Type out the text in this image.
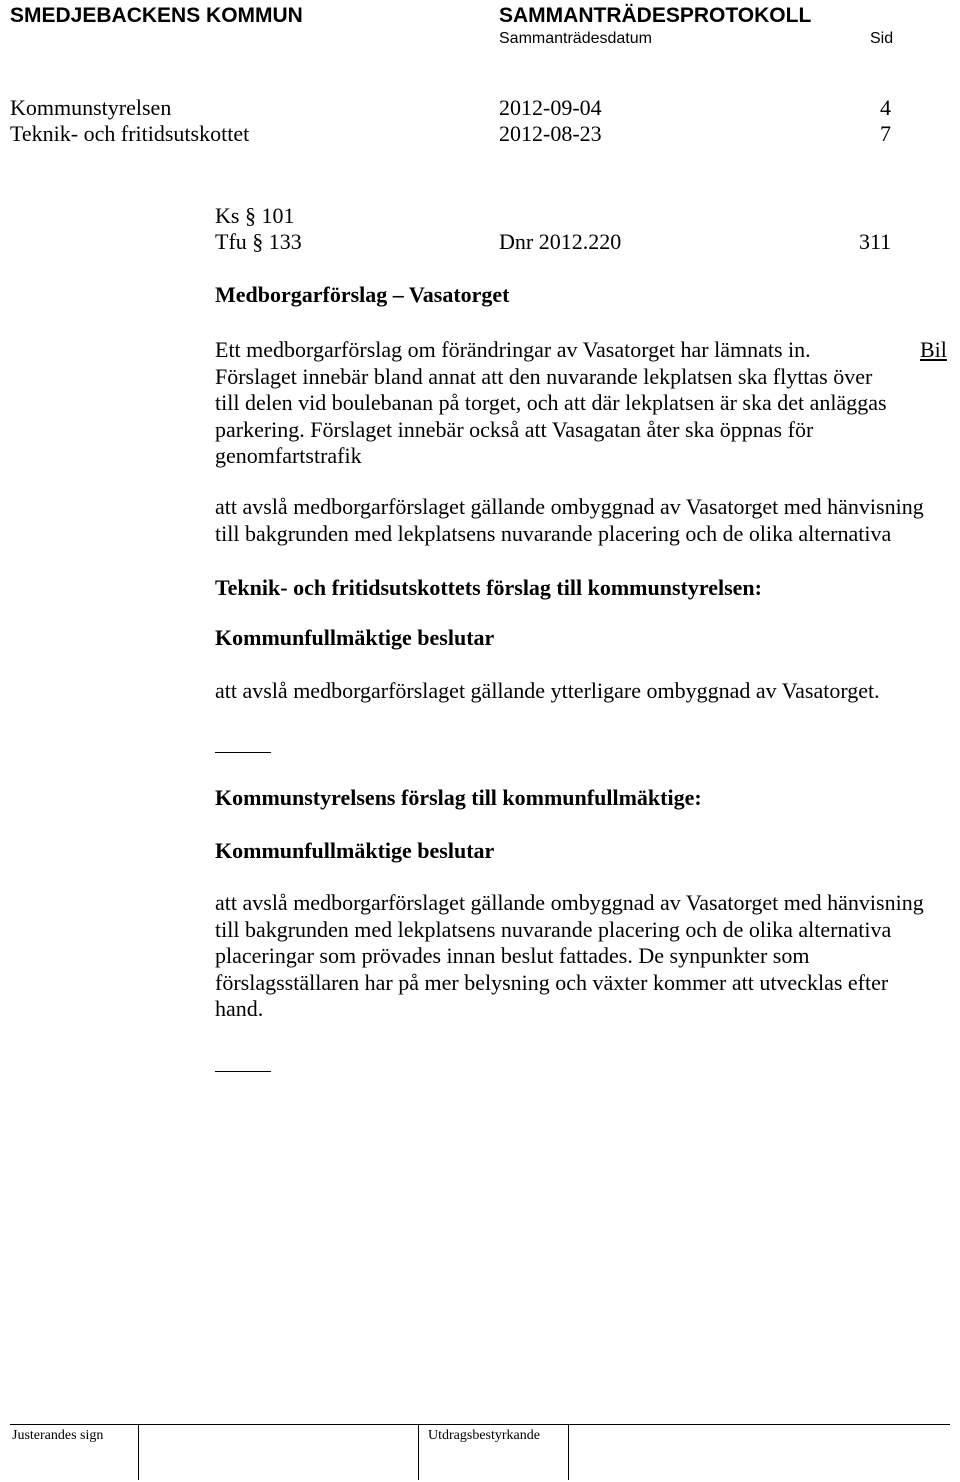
SMEDJEBACKENS KOMMUN	SAMMANTRÄDESPROTOKOLL
Sammanträdesdatum	Sid
Kommunstyrelsen	2012-09-04	4
Teknik- och fritidsutskottet	2012-08-23	7
Ks § 101
Tfu § 133	Dnr 2012.220	311
Medborgarförslag – Vasatorget
Ett medborgarförslag om förändringar av Vasatorget har lämnats in.
Förslaget innebär bland annat att den nuvarande lekplatsen ska flyttas över
till delen vid boulebanan på torget, och att där lekplatsen är ska det anläggas
parkering. Förslaget innebär också att Vasagatan åter ska öppnas för
genomfartstrafik
Bil
att avslå medborgarförslaget gällande ombyggnad av Vasatorget med hänvisning
till bakgrunden med lekplatsens nuvarande placering och de olika alternativa
Teknik- och fritidsutskottets förslag till kommunstyrelsen:
Kommunfullmäktige beslutar
att avslå medborgarförslaget gällande ytterligare ombyggnad av Vasatorget.
Kommunstyrelsens förslag till kommunfullmäktige:
Kommunfullmäktige beslutar
att avslå medborgarförslaget gällande ombyggnad av Vasatorget med hänvisning
till bakgrunden med lekplatsens nuvarande placering och de olika alternativa
placeringar som prövades innan beslut fattades. De synpunkter som
förslagsställaren har på mer belysning och växter kommer att utvecklas efter
hand.
Justerandes sign	Utdragsbestyrkande
